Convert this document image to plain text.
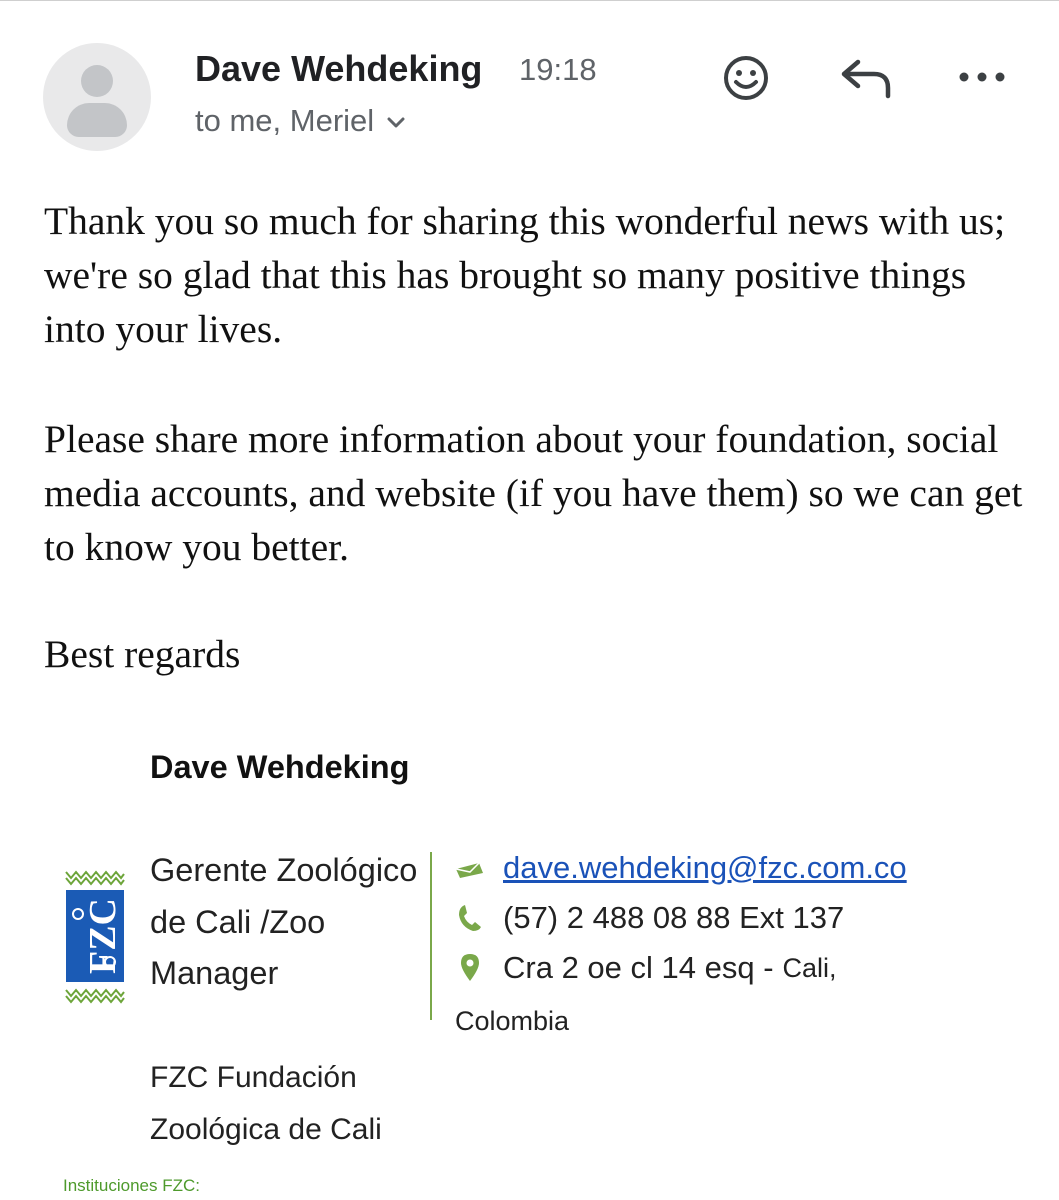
Dave Wehdeking 19:18
to me, Meriel

Thank you so much for sharing this wonderful news with us; we're so glad that this has brought so many positive things into your lives.

Please share more information about your foundation, social media accounts, and website (if you have them) so we can get to know you better.

Best regards

Dave Wehdeking
Gerente Zoológico de Cali /Zoo Manager
FZC Fundación Zoológica de Cali
FZC
dave.wehdeking@fzc.com.co
(57) 2 488 08 88 Ext 137
Cra 2 oe cl 14 esq - Cali,
Colombia
Instituciones FZC:
